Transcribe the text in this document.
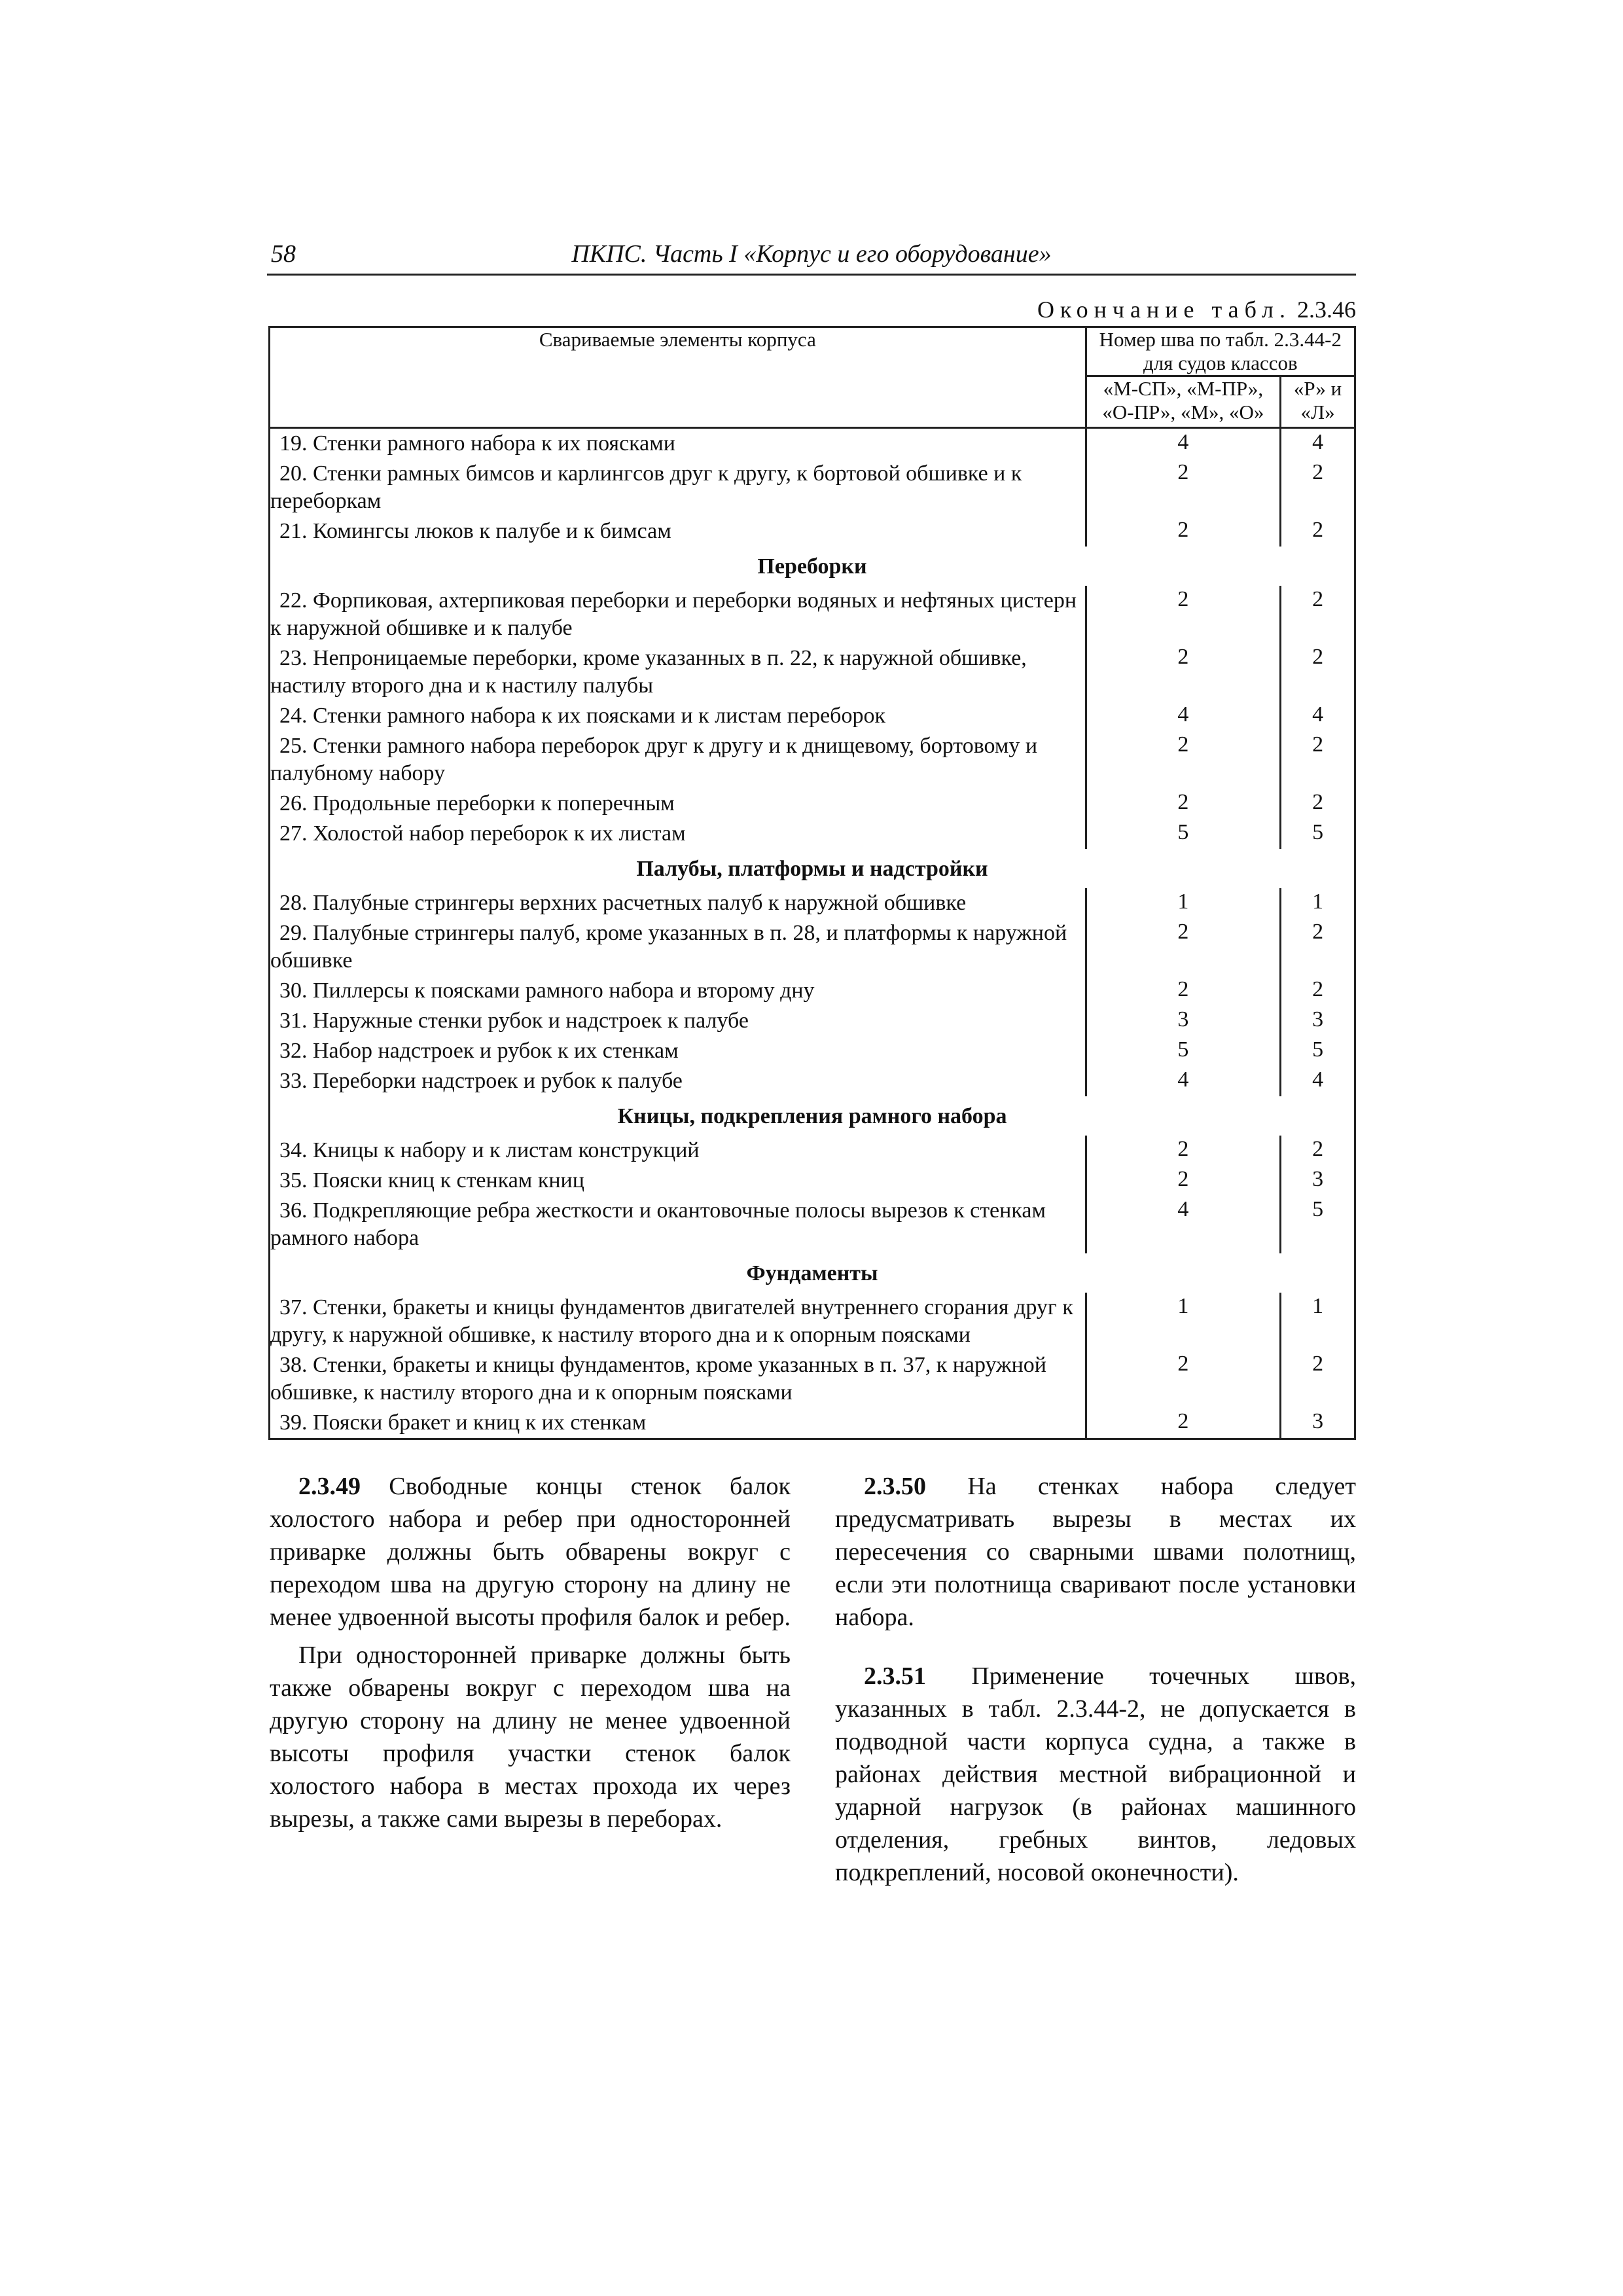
58	ПКПС. Часть I «Корпус и его оборудование»
Окончание табл. 2.3.46
Свариваемые элементы корпуса	Номер шва по табл. 2.3.44-2 для судов классов	
	«М-СП», «М-ПР», «О-ПР», «М», «О»	«Р» и «Л»
19. Стенки рамного набора к их поясками	4	4
20. Стенки рамных бимсов и карлингсов друг к другу, к бортовой обшивке и к переборкам	2	2
21. Комингсы люков к палубе и к бимсам	2	2
Переборки		
22. Форпиковая, ахтерпиковая переборки и переборки водяных и нефтяных цистерн к наружной обшивке и к палубе	2	2
23. Непроницаемые переборки, кроме указанных в п. 22, к наружной обшивке, настилу второго дна и к настилу палубы	2	2
24. Стенки рамного набора к их поясками и к листам переборок	4	4
25. Стенки рамного набора переборок друг к другу и к днищевому, бортовому и палубному набору	2	2
26. Продольные переборки к поперечным	2	2
27. Холостой набор переборок к их листам	5	5
Палубы, платформы и надстройки		
28. Палубные стрингеры верхних расчетных палуб к наружной обшивке	1	1
29. Палубные стрингеры палуб, кроме указанных в п. 28, и платформы к наружной обшивке	2	2
30. Пиллерсы к поясками рамного набора и второму дну	2	2
31. Наружные стенки рубок и надстроек к палубе	3	3
32. Набор надстроек и рубок к их стенкам	5	5
33. Переборки надстроек и рубок к палубе	4	4
Кницы, подкрепления рамного набора		
34. Кницы к набору и к листам конструкций	2	2
35. Пояски книц к стенкам книц	2	3
36. Подкрепляющие ребра жесткости и окантовочные полосы вырезов к стенкам рамного набора	4	5
Фундаменты		
37. Стенки, бракеты и кницы фундаментов двигателей внутреннего сгорания друг к другу, к наружной обшивке, к настилу второго дна и к опорным поясками	1	1
38. Стенки, бракеты и кницы фундаментов, кроме указанных в п. 37, к наружной обшивке, к настилу второго дна и к опорным поясками	2	2
39. Пояски бракет и книц к их стенкам	2	3

2.3.49 Свободные концы стенок балок холостого набора и ребер при односторонней приварке должны быть обварены вокруг с переходом шва на другую сторону на длину не менее удвоенной высоты профиля балок и ребер.

При односторонней приварке должны быть также обварены вокруг с переходом шва на другую сторону на длину не менее удвоенной высоты профиля участки стенок балок холостого набора в местах прохода их через вырезы, а также сами вырезы в переборах.

2.3.50 На стенках набора следует предусматривать вырезы в местах их пересечения со сварными швами полотнищ, если эти полотнища сваривают после установки набора.

2.3.51 Применение точечных швов, указанных в табл. 2.3.44-2, не допускается в подводной части корпуса судна, а также в районах действия местной вибрационной и ударной нагрузок (в районах машинного отделения, гребных винтов, ледовых подкреплений, носовой оконечности).
